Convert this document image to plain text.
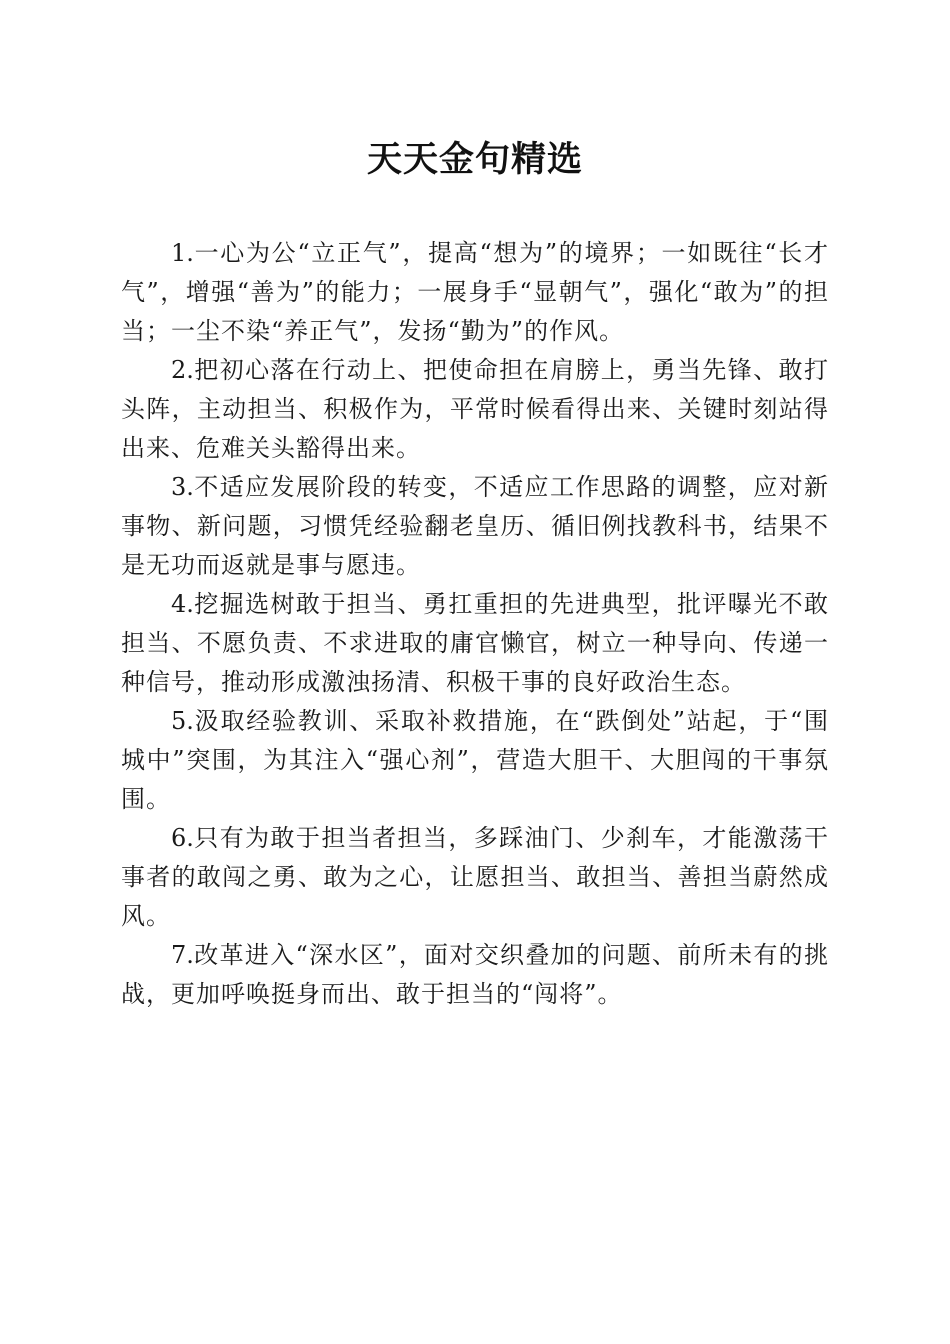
天天金句精选

1.一心为公“立正气”，提高“想为”的境界；一如既往“长才气”，增强“善为”的能力；一展身手“显朝气”，强化“敢为”的担当；一尘不染“养正气”，发扬“勤为”的作风。

2.把初心落在行动上、把使命担在肩膀上，勇当先锋、敢打头阵，主动担当、积极作为，平常时候看得出来、关键时刻站得出来、危难关头豁得出来。

3.不适应发展阶段的转变，不适应工作思路的调整，应对新事物、新问题，习惯凭经验翻老皇历、循旧例找教科书，结果不是无功而返就是事与愿违。

4.挖掘选树敢于担当、勇扛重担的先进典型，批评曝光不敢担当、不愿负责、不求进取的庸官懒官，树立一种导向、传递一种信号，推动形成激浊扬清、积极干事的良好政治生态。

5.汲取经验教训、采取补救措施，在“跌倒处”站起，于“围城中”突围，为其注入“强心剂”，营造大胆干、大胆闯的干事氛围。

6.只有为敢于担当者担当，多踩油门、少刹车，才能激荡干事者的敢闯之勇、敢为之心，让愿担当、敢担当、善担当蔚然成风。

7.改革进入“深水区”，面对交织叠加的问题、前所未有的挑战，更加呼唤挺身而出、敢于担当的“闯将”。
